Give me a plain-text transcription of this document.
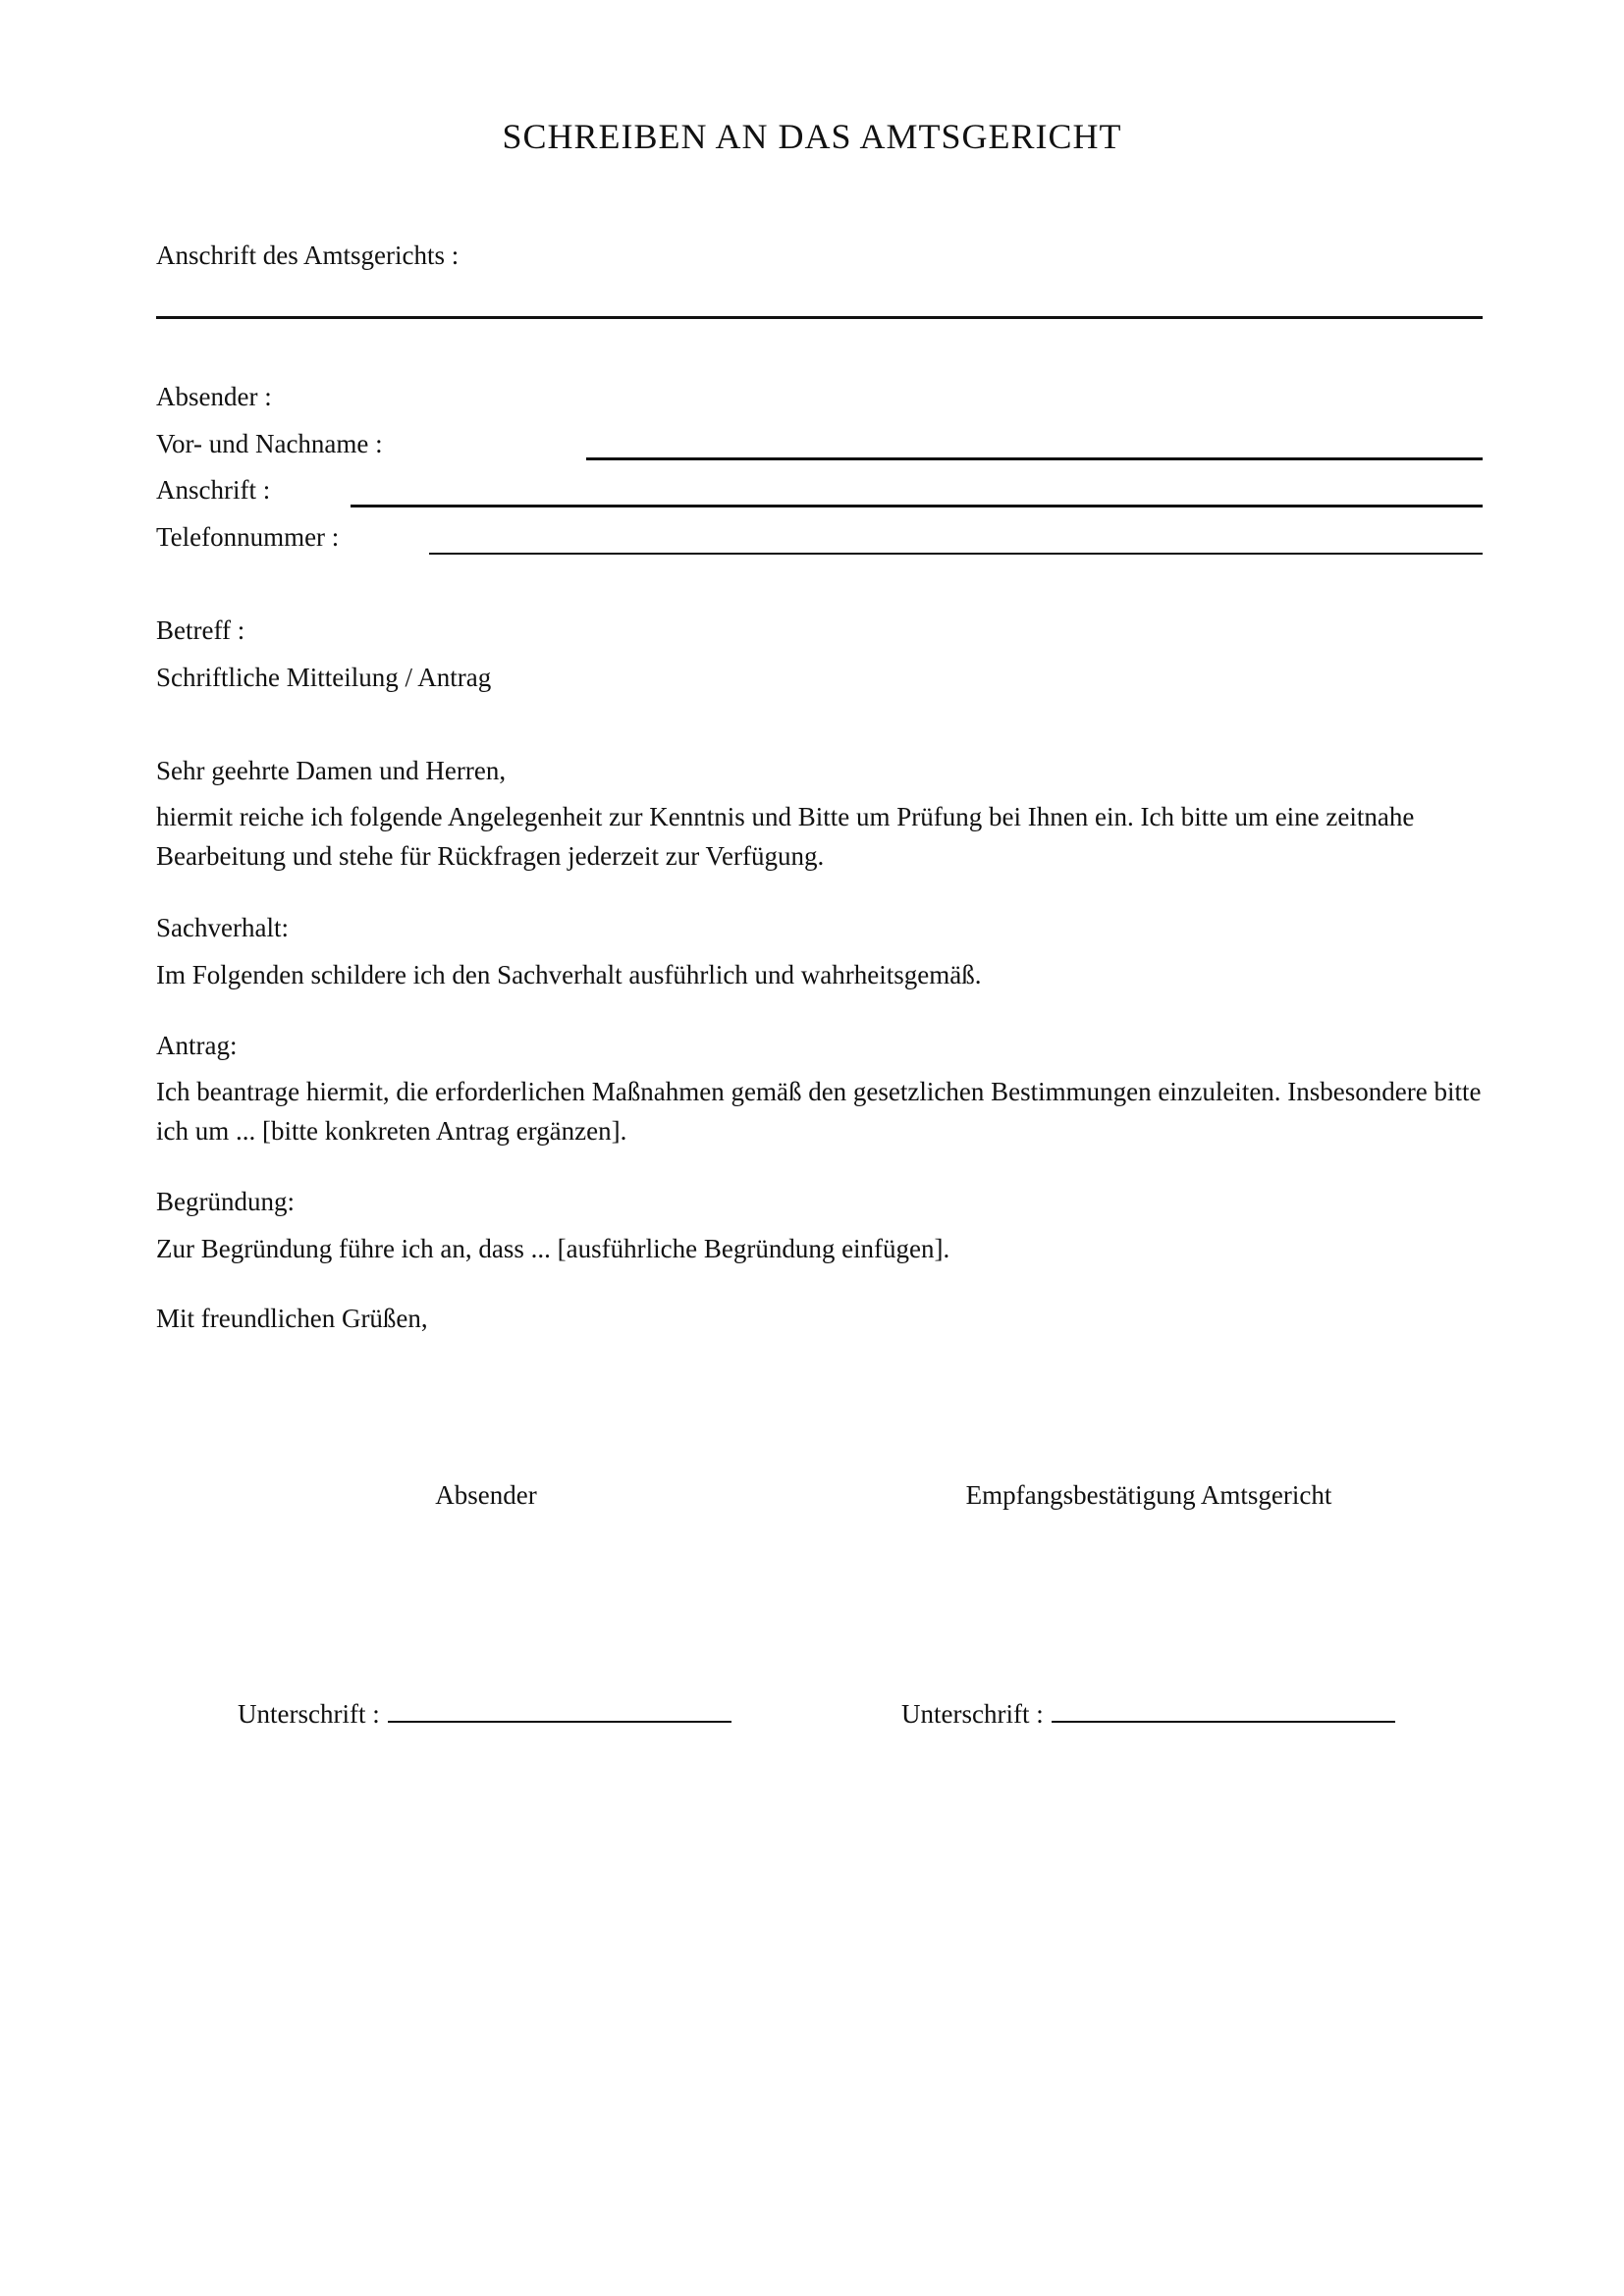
SCHREIBEN AN DAS AMTSGERICHT
Anschrift des Amtsgerichts :
Absender :
Vor- und Nachname :
Anschrift :
Telefonnummer :
Betreff :
Schriftliche Mitteilung / Antrag
Sehr geehrte Damen und Herren,
hiermit reiche ich folgende Angelegenheit zur Kenntnis und Bitte um Prüfung bei Ihnen ein. Ich bitte um eine zeitnahe Bearbeitung und stehe für Rückfragen jederzeit zur Verfügung.
Sachverhalt:
Im Folgenden schildere ich den Sachverhalt ausführlich und wahrheitsgemäß.
Antrag:
Ich beantrage hiermit, die erforderlichen Maßnahmen gemäß den gesetzlichen Bestimmungen einzuleiten. Insbesondere bitte ich um ... [bitte konkreten Antrag ergänzen].
Begründung:
Zur Begründung führe ich an, dass ... [ausführliche Begründung einfügen].
Mit freundlichen Grüßen,
Absender	Empfangsbestätigung Amtsgericht
Unterschrift :	Unterschrift :
